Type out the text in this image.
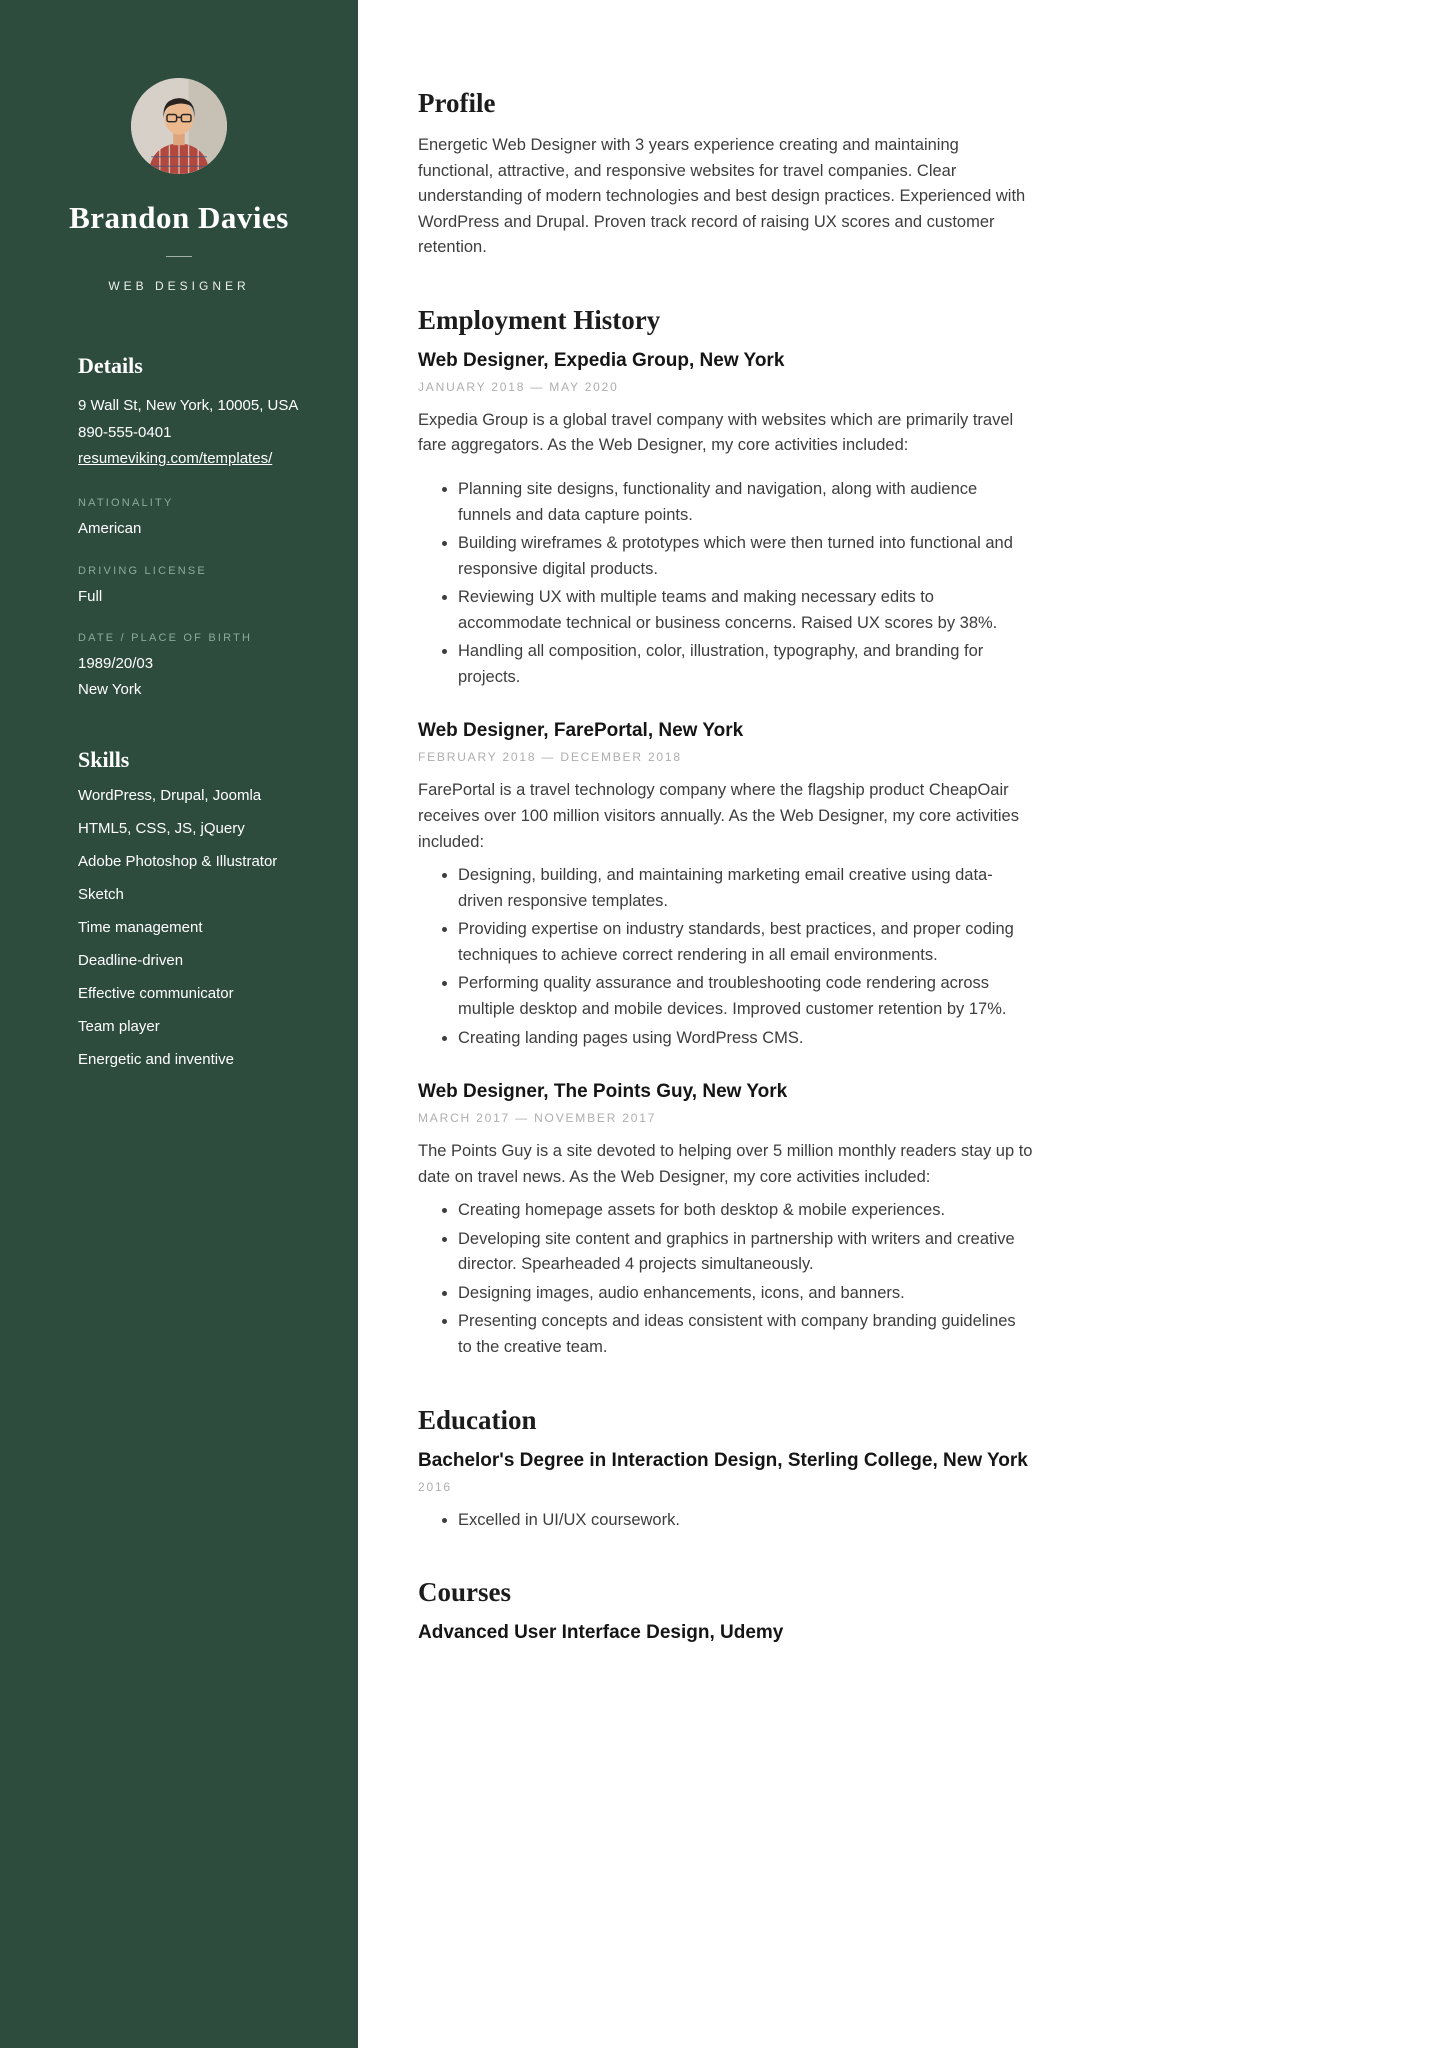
Brandon Davies
WEB DESIGNER
Details
9 Wall St, New York, 10005, USA
890-555-0401
resumeviking.com/templates/
NATIONALITY
American
DRIVING LICENSE
Full
DATE / PLACE OF BIRTH
1989/20/03
New York
Skills
WordPress, Drupal, Joomla
HTML5, CSS, JS, jQuery
Adobe Photoshop & Illustrator
Sketch
Time management
Deadline-driven
Effective communicator
Team player
Energetic and inventive
Profile

Energetic Web Designer with 3 years experience creating and maintaining functional, attractive, and responsive websites for travel companies. Clear understanding of modern technologies and best design practices. Experienced with WordPress and Drupal. Proven track record of raising UX scores and customer retention.

Employment History
Web Designer, Expedia Group, New York
JANUARY 2018 — MAY 2020

Expedia Group is a global travel company with websites which are primarily travel fare aggregators. As the Web Designer, my core activities included:

• Planning site designs, functionality and navigation, along with audience funnels and data capture points.
• Building wireframes & prototypes which were then turned into functional and responsive digital products.
• Reviewing UX with multiple teams and making necessary edits to accommodate technical or business concerns. Raised UX scores by 38%.
• Handling all composition, color, illustration, typography, and branding for projects.
Web Designer, FarePortal, New York
FEBRUARY 2018 — DECEMBER 2018

FarePortal is a travel technology company where the flagship product CheapOair receives over 100 million visitors annually. As the Web Designer, my core activities included:

• Designing, building, and maintaining marketing email creative using data-driven responsive templates.
• Providing expertise on industry standards, best practices, and proper coding techniques to achieve correct rendering in all email environments.
• Performing quality assurance and troubleshooting code rendering across multiple desktop and mobile devices. Improved customer retention by 17%.
• Creating landing pages using WordPress CMS.
Web Designer, The Points Guy, New York
MARCH 2017 — NOVEMBER 2017

The Points Guy is a site devoted to helping over 5 million monthly readers stay up to date on travel news. As the Web Designer, my core activities included:

• Creating homepage assets for both desktop & mobile experiences.
• Developing site content and graphics in partnership with writers and creative director. Spearheaded 4 projects simultaneously.
• Designing images, audio enhancements, icons, and banners.
• Presenting concepts and ideas consistent with company branding guidelines to the creative team.
Education
Bachelor's Degree in Interaction Design, Sterling College, New York
2016
• Excelled in UI/UX coursework.
Courses
Advanced User Interface Design, Udemy
